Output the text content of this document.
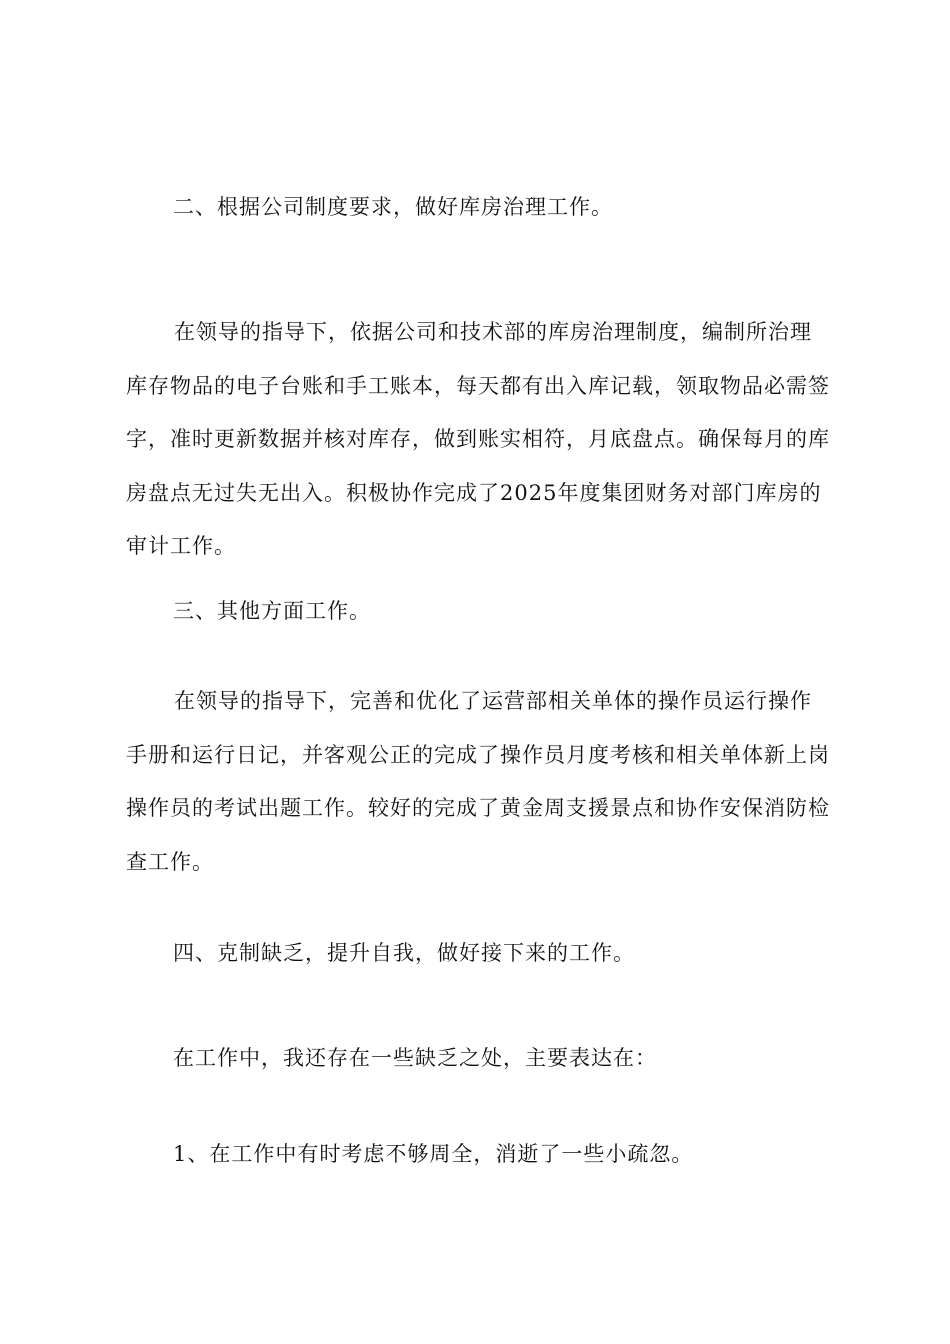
二、根据公司制度要求，做好库房治理工作。
在领导的指导下，依据公司和技术部的库房治理制度，编制所治理库存物品的电子台账和手工账本，每天都有出入库记载，领取物品必需签字，准时更新数据并核对库存，做到账实相符，月底盘点。确保每月的库房盘点无过失无出入。积极协作完成了2025年度集团财务对部门库房的审计工作。
三、其他方面工作。
在领导的指导下，完善和优化了运营部相关单体的操作员运行操作手册和运行日记，并客观公正的完成了操作员月度考核和相关单体新上岗操作员的考试出题工作。较好的完成了黄金周支援景点和协作安保消防检查工作。
四、克制缺乏，提升自我，做好接下来的工作。
在工作中，我还存在一些缺乏之处，主要表达在：
1、在工作中有时考虑不够周全，消逝了一些小疏忽。
